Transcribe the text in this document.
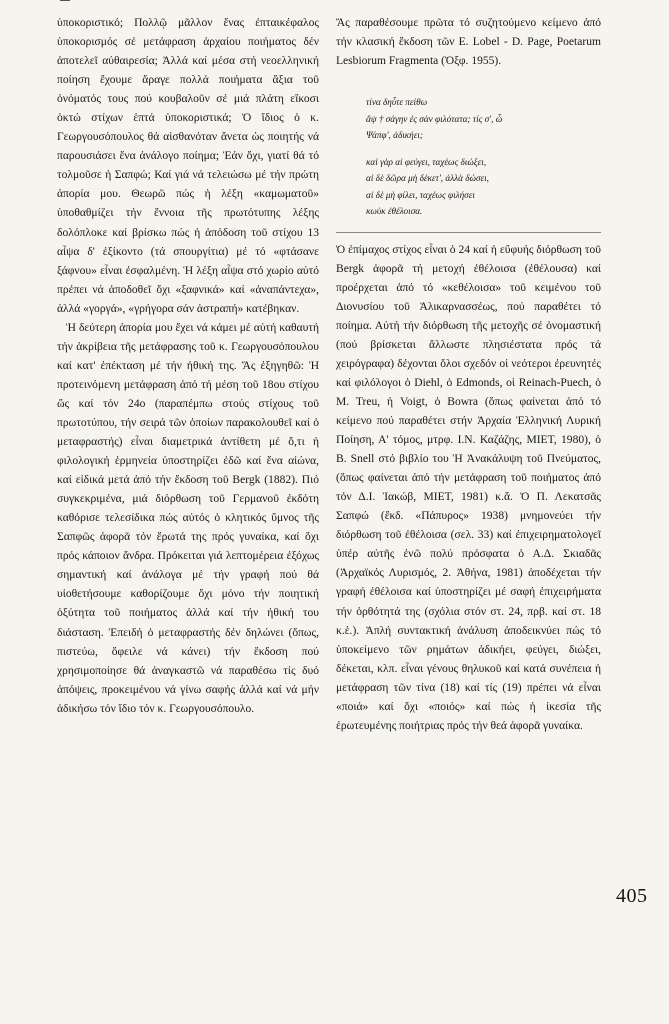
ὑποκοριστικό; Πολλῷ μᾶλλον ἕνας ἐπταικέφαλος ὑποκορισμός σέ μετάφραση ἀρχαίου ποιήματος δέν ἀποτελεῖ αὐθαιρεσία; Ἀλλά καί μέσα στή νεοελληνική ποίηση ἔχουμε ἄραγε πολλά ποιήματα ἄξια τοῦ ὀνόματός τους πού κουβαλοῦν σέ μιά πλάτη εἴκοσι ὀκτώ στίχων ἑπτά ὑποκοριστικά; Ὁ ἴδιος ὁ κ. Γεωργουσόπουλος θά αἰσθανόταν ἄνετα ὡς ποιητής νά παρουσιάσει ἕνα ἀνάλογο ποίημα; Ἐάν ὄχι, γιατί θά τό τολμοῦσε ἡ Σαπφώ; Καί γιά νά τελειώσω μέ τήν πρώτη ἀπορία μου. Θεωρῶ πώς ἡ λέξη «καμωματοῦ» ὑποθαθμίζει τήν ἔννοια τῆς πρωτότυπης λέξης δολόπλοκε καί βρίσκω πώς ἡ ἀπόδοση τοῦ στίχου 13 αἶψα δ' ἐξίκοντο (τά σπουργίτια) μέ τό «φτάσανε ξάφνου» εἶναι ἐσφαλμένη. Ἡ λέξη αἶψα στό χωρίο αὐτό πρέπει νά ἀποδοθεῖ ὄχι «ξαφνικά» καί «ἀναπάντεχα», ἀλλά «γοργά», «γρήγορα σάν ἀστραπή» κατέβηκαν.

Ἡ δεύτερη ἀπορία μου ἔχει νά κάμει μέ αὐτή καθαυτή τήν ἀκρίβεια τῆς μετάφρασης τοῦ κ. Γεωργουσόπουλου καί κατ' ἐπέκταση μέ τήν ἠθική της. Ἄς ἐξηγηθῶ: Ἡ προτεινόμενη μετάφραση ἀπό τή μέση τοῦ 18ου στίχου ὥς καί τόν 24ο (παραπέμπω στούς στίχους τοῦ πρωτοτύπου, τήν σειρά τῶν ὁποίων παρακολουθεῖ καί ὁ μεταφραστής) εἶναι διαμετρικά ἀντίθετη μέ ὅ,τι ἡ φιλολογική ἑρμηνεία ὑποστηρίζει ἐδῶ καί ἕνα αἰώνα, καί εἰδικά μετά ἀπό τήν ἔκδοση τοῦ Bergk (1882). Πιό συγκεκριμένα, μιά διόρθωση τοῦ Γερμανοῦ ἐκδότη καθόρισε τελεσίδικα πώς αὐτός ὁ κλητικός ὕμνος τῆς Σαπφῶς ἀφορᾶ τόν ἔρωτά της πρός γυναίκα, καί ὄχι πρός κάποιον ἄνδρα. Πρόκειται γιά λεπτομέρεια ἐξόχως σημαντική καί ἀνάλογα μέ τήν γραφή πού θά υἱοθετήσουμε καθορίζουμε ὄχι μόνο τήν ποιητική ὀξύτητα τοῦ ποιήματος ἀλλά καί τήν ἠθική του διάσταση. Ἐπειδή ὁ μεταφραστής δέν δηλώνει (ὅπως, πιστεύω, ὄφειλε νά κάνει) τήν ἔκδοση πού χρησιμοποίησε θά ἀναγκαστῶ νά παραθέσω τίς δυό ἀπόψεις, προκειμένου νά γίνω σαφής ἀλλά καί νά μήν ἀδικήσω τόν ἴδιο τόν κ. Γεωργουσόπουλο.

Ἄς παραθέσουμε πρῶτα τό συζητούμενο κείμενο ἀπό τήν κλασική ἔκδοση τῶν E. Lobel - D. Page, Poetarum Lesbiorum Fragmenta (Ὀξφ. 1955).

τίνα δηὖτε πείθω
ἄψ † σάγην ἐς σὰν φιλότατα; τίς σ', ὦ
Ψάπφ', ἀδικήει;
καὶ γὰρ αἰ φεύγει, ταχέως διώξει,
αἰ δὲ δῶρα μὴ δέκετ', ἀλλὰ δώσει,
αἰ δὲ μὴ φίλει, ταχέως φιλήσει
κωὐκ ἐθέλοισα.

Ὁ ἐπίμαχος στίχος εἶναι ὁ 24 καί ἡ εὔφυής διόρθωση τοῦ Bergk ἀφορᾶ τή μετοχή ἐθέλοισα (ἐθέλουσα) καί προέρχεται ἀπό τό «κεθέλοισα» τοῦ κειμένου τοῦ Διονυσίου τοῦ Ἁλικαρνασσέως, πού παραθέτει τό ποίημα. Αὐτή τήν διόρθωση τῆς μετοχῆς σέ ὀνομαστική (πού βρίσκεται ἄλλωστε πλησιέστατα πρός τά χειρόγραφα) δέχονται ὅλοι σχεδόν οἱ νεότεροι ἐρευνητές καί φιλόλογοι ὁ Diehl, ὁ Edmonds, οἱ Reinach-Puech, ὁ M. Treu, ἡ Voigt, ὁ Bowra (ὅπως φαίνεται ἀπό τό κείμενο πού παραθέτει στήν Ἀρχαία Ἑλληνική Λυρική Ποίηση, Α' τόμος, μτρφ. Ι.Ν. Καζάζης, ΜΙΕΤ, 1980), ὁ B. Snell στό βιβλίο του Ἡ Ἀνακάλυψη τοῦ Πνεύματος, (ὅπως φαίνεται ἀπό τήν μετάφραση τοῦ ποιήματος ἀπό τόν Δ.Ι. Ἰακώβ, ΜΙΕΤ, 1981) κ.ἄ. Ὁ Π. Λεκατσᾶς Σαπφώ (ἔκδ. «Πάπυρος» 1938) μνημονεύει τήν διόρθωση τοῦ ἐθέλοισα (σελ. 33) καί ἐπιχειρηματολογεῖ ὑπέρ αὐτῆς ἐνῶ πολύ πρόσφατα ὁ Α.Δ. Σκιαδᾶς (Ἀρχαϊκός Λυρισμός, 2. Ἀθήνα, 1981) ἀποδέχεται τήν γραφή ἐθέλοισα καί ὑποστηρίζει μέ σαφή ἐπιχειρήματα τήν ὀρθότητά της (σχόλια στόν στ. 24, πρβ. καί στ. 18 κ.ἑ.). Ἁπλή συντακτική ἀνάλυση ἀποδεικνύει πώς τό ὑποκείμενο τῶν ρημάτων ἀδικήει, φεύγει, διώξει, δέκεται, κλπ. εἶναι γένους θηλυκοῦ καί κατά συνέπεια ἡ μετάφραση τῶν τίνα (18) καί τίς (19) πρέπει νά εἶναι «ποιά» καί ὄχι «ποιός» καί πώς ἡ ἱκεσία τῆς ἐρωτευμένης ποιήτριας πρός τήν θεά ἀφορᾶ γυναίκα.

405
